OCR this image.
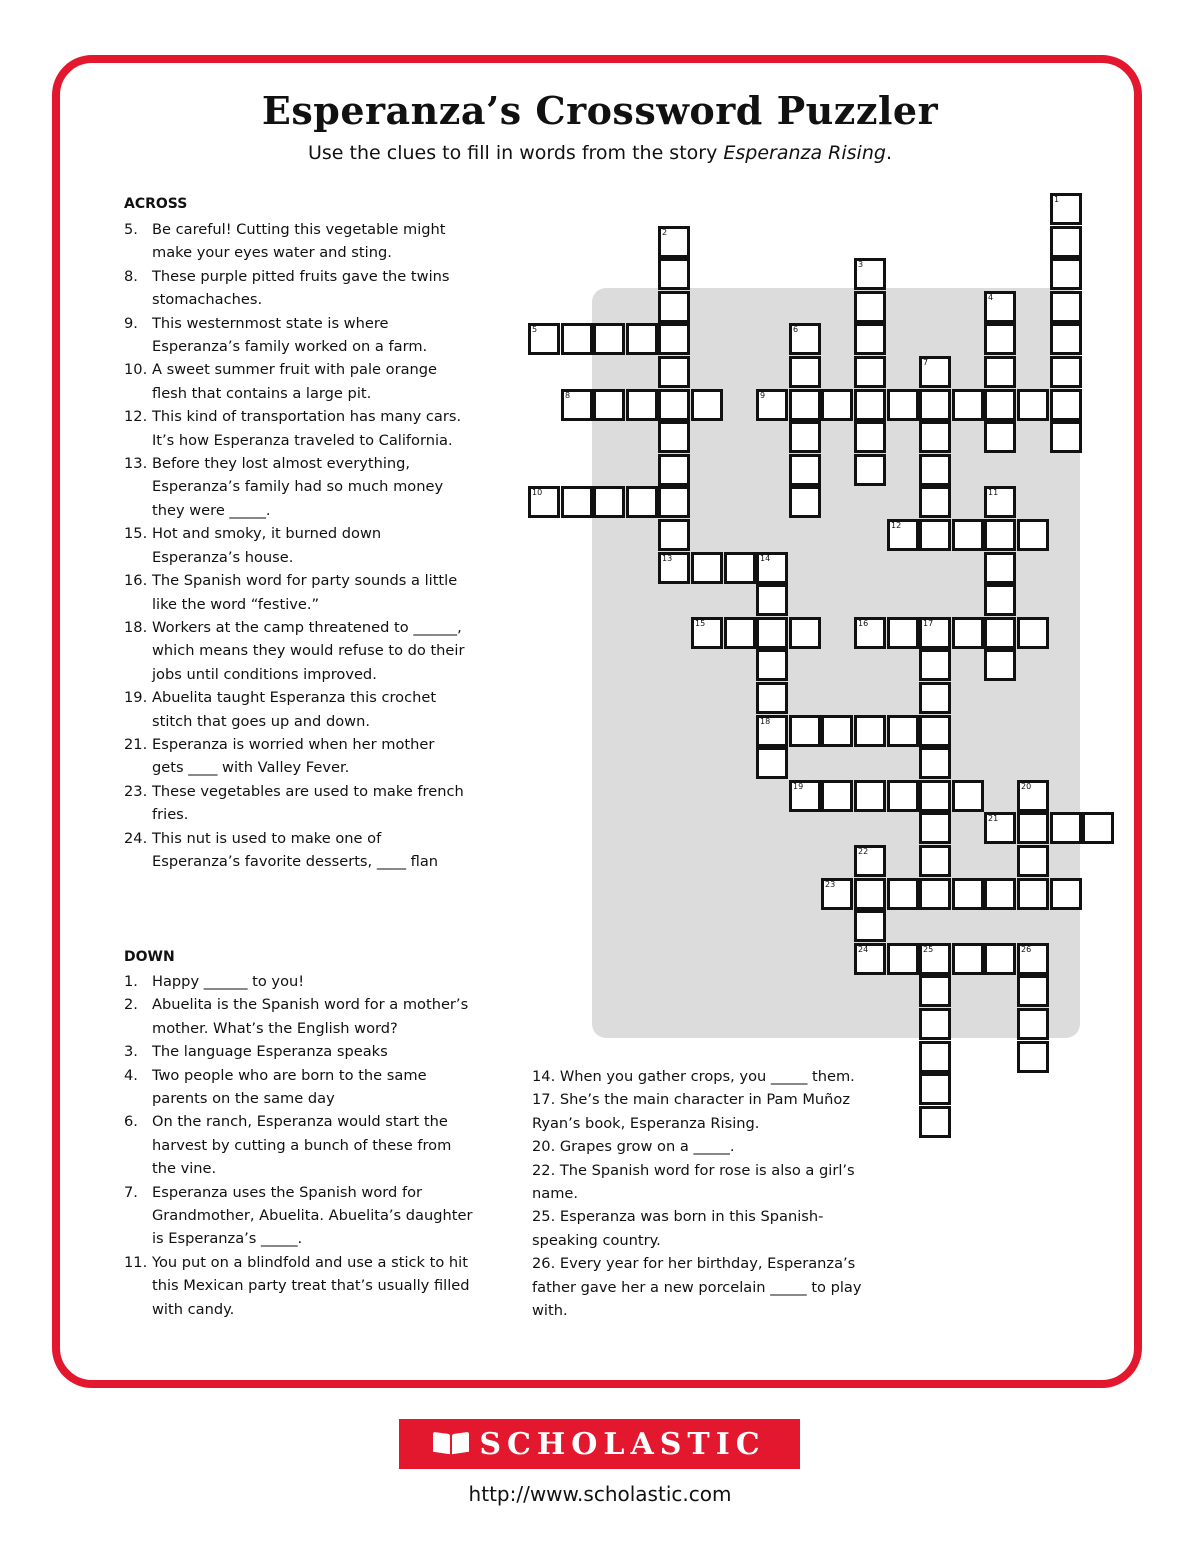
Esperanza’s Crossword Puzzler
Use the clues to fill in words from the story Esperanza Rising.
ACROSS
5. Be careful! Cutting this vegetable might make your eyes water and sting.
8. These purple pitted fruits gave the twins stomachaches.
9. This westernmost state is where Esperanza’s family worked on a farm.
10. A sweet summer fruit with pale orange flesh that contains a large pit.
12. This kind of transportation has many cars. It’s how Esperanza traveled to California.
13. Before they lost almost everything, Esperanza’s family had so much money they were _____.
15. Hot and smoky, it burned down Esperanza’s house.
16. The Spanish word for party sounds a little like the word “festive.”
18. Workers at the camp threatened to ______, which means they would refuse to do their jobs until conditions improved.
19. Abuelita taught Esperanza this crochet stitch that goes up and down.
21. Esperanza is worried when her mother gets ____ with Valley Fever.
23. These vegetables are used to make french fries.
24. This nut is used to make one of Esperanza’s favorite desserts, ____ flan
DOWN
1. Happy ______ to you!
2. Abuelita is the Spanish word for a mother’s mother. What’s the English word?
3. The language Esperanza speaks
4. Two people who are born to the same parents on the same day
6. On the ranch, Esperanza would start the harvest by cutting a bunch of these from the vine.
7. Esperanza uses the Spanish word for Grandmother, Abuelita. Abuelita’s daughter is Esperanza’s _____.
11. You put on a blindfold and use a stick to hit this Mexican party treat that’s usually filled with candy.
14. When you gather crops, you _____ them.
17. She’s the main character in Pam Muñoz Ryan’s book, Esperanza Rising.
20. Grapes grow on a _____.
22. The Spanish word for rose is also a girl’s name.
25. Esperanza was born in this Spanish-speaking country.
26. Every year for her birthday, Esperanza’s father gave her a new porcelain _____ to play with.
1
2
13
3
4
5	6
7
8	9
10	11
12
14
18
15	16	17
19	20
21
22
23
24	25	26
SCHOLASTIC
http://www.scholastic.com
